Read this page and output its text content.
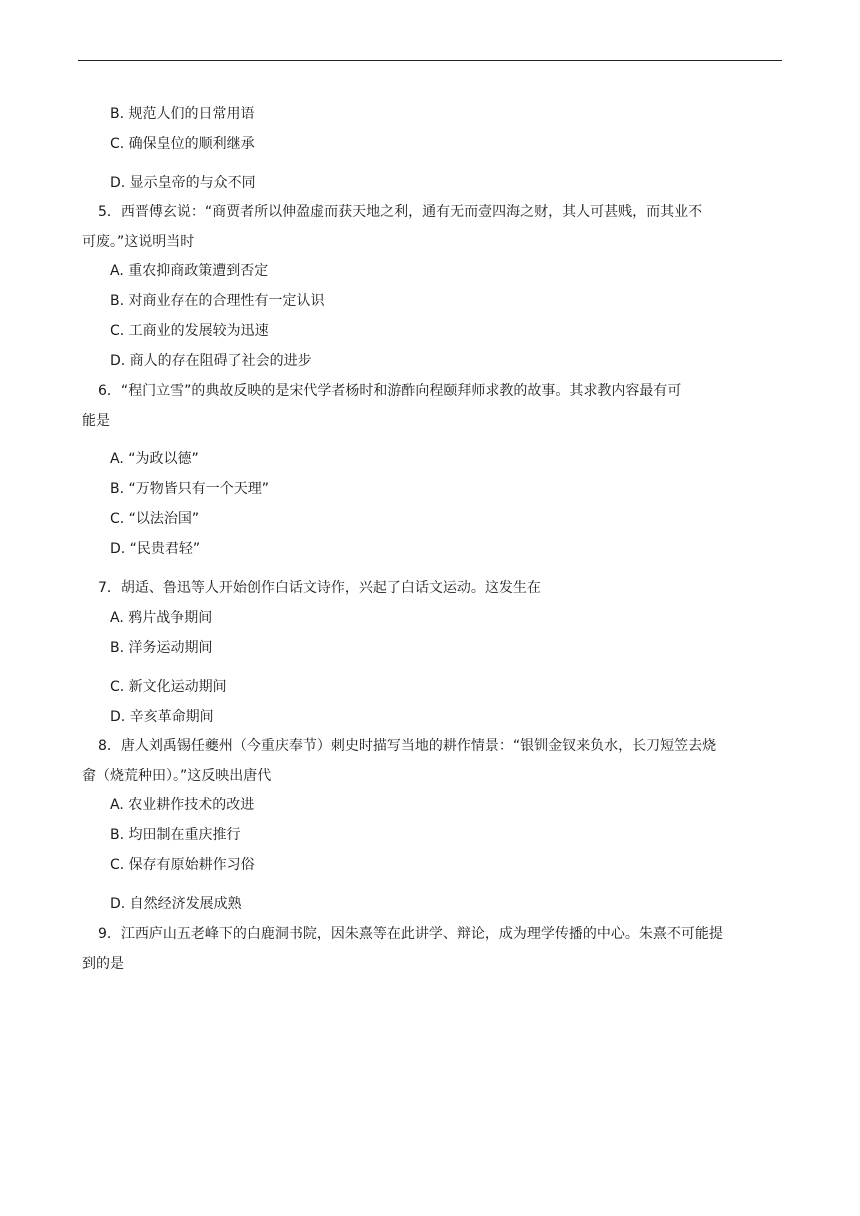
B. 规范人们的日常用语
C. 确保皇位的顺利继承
D. 显示皇帝的与众不同
5．西晋傅玄说：“商贾者所以伸盈虚而获天地之利，通有无而壹四海之财，其人可甚贱，而其业不
可废。”这说明当时
A. 重农抑商政策遭到否定
B. 对商业存在的合理性有一定认识
C. 工商业的发展较为迅速
D. 商人的存在阻碍了社会的进步
6．“程门立雪”的典故反映的是宋代学者杨时和游酢向程颐拜师求教的故事。其求教内容最有可
能是
A. “为政以德”
B. “万物皆只有一个天理”
C. “以法治国”
D. “民贵君轻”
7．胡适、鲁迅等人开始创作白话文诗作，兴起了白话文运动。这发生在
A. 鸦片战争期间
B. 洋务运动期间
C. 新文化运动期间
D. 辛亥革命期间
8．唐人刘禹锡任夔州（今重庆奉节）刺史时描写当地的耕作情景：“银钏金钗来负水，长刀短笠去烧
畲（烧荒种田）。”这反映出唐代
A. 农业耕作技术的改进
B. 均田制在重庆推行
C. 保存有原始耕作习俗
D. 自然经济发展成熟
9．江西庐山五老峰下的白鹿洞书院，因朱熹等在此讲学、辩论，成为理学传播的中心。朱熹不可能提
到的是
